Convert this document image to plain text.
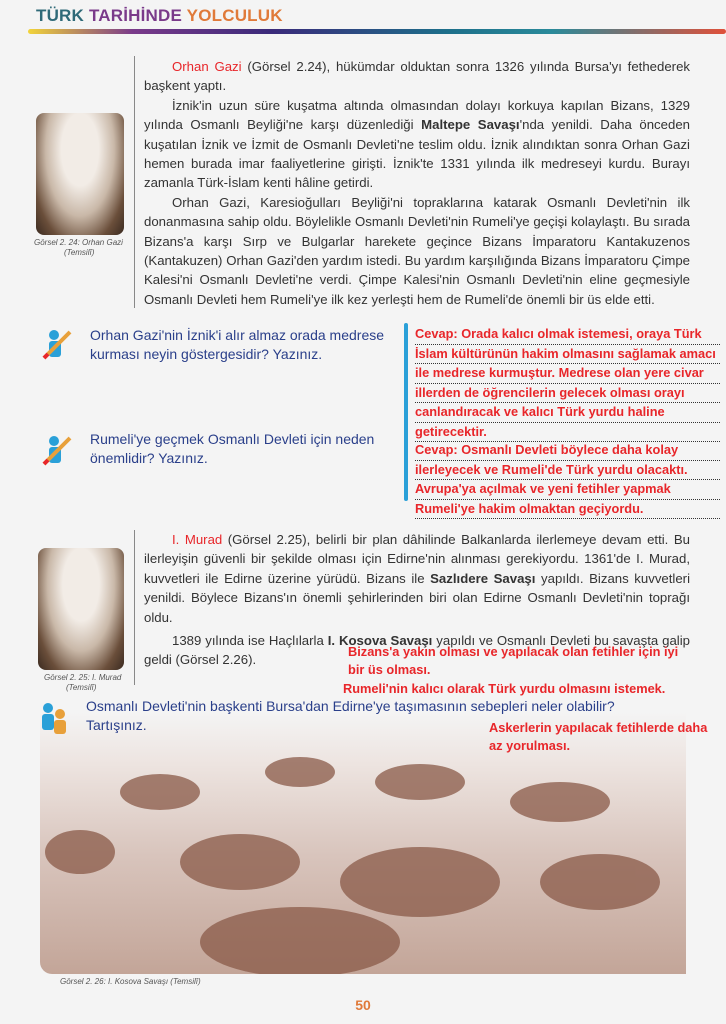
TÜRK TARİHİNDE YOLCULUK
Görsel 2. 24: Orhan Gazi
(Temsilî)

Orhan Gazi (Görsel 2.24), hükümdar olduktan sonra 1326 yılında Bursa'yı fethederek başkent yaptı.

İznik'in uzun süre kuşatma altında olmasından dolayı korkuya kapılan Bizans, 1329 yılında Osmanlı Beyliği'ne karşı düzenlediği Maltepe Savaşı'nda yenildi. Daha önceden kuşatılan İznik ve İzmit de Osmanlı Devleti'ne teslim oldu. İznik alındıktan sonra Orhan Gazi hemen burada imar faaliyetlerine girişti. İznik'te 1331 yılında ilk medreseyi kurdu. Burayı zamanla Türk-İslam kenti hâline getirdi.

Orhan Gazi, Karesioğulları Beyliği'ni topraklarına katarak Osmanlı Devleti'nin ilk donanmasına sahip oldu. Böylelikle Osmanlı Devleti'nin Rumeli'ye geçişi kolaylaştı. Bu sırada Bizans'a karşı Sırp ve Bulgarlar harekete geçince Bizans İmparatoru Kantakuzenos (Kantakuzen) Orhan Gazi'den yardım istedi. Bu yardım karşılığında Bizans İmparatoru Çimpe Kalesi'ni Osmanlı Devleti'ne verdi. Çimpe Kalesi'nin Osmanlı Devleti'nin eline geçmesiyle Osmanlı Devleti hem Rumeli'ye ilk kez yerleşti hem de Rumeli'de önemli bir üs elde etti.

Orhan Gazi'nin İznik'i alır almaz orada medrese kurması neyin göstergesidir? Yazınız.
Rumeli'ye geçmek Osmanlı Devleti için neden önemlidir? Yazınız.
Cevap: Orada kalıcı olmak istemesi, oraya Türk
İslam kültürünün hakim olmasını sağlamak amacı
ile medrese kurmuştur. Medrese olan yere civar
illerden de öğrencilerin gelecek olması orayı
canlandıracak ve kalıcı Türk yurdu haline
getirecektir.
Cevap: Osmanlı Devleti böylece daha kolay
ilerleyecek ve Rumeli'de Türk yurdu olacaktı.
Avrupa'ya açılmak ve yeni fetihler yapmak
Rumeli'ye hakim olmaktan geçiyordu.
Görsel 2. 25: I. Murad
(Temsilî)

I. Murad (Görsel 2.25), belirli bir plan dâhilinde Balkanlarda ilerlemeye devam etti. Bu ilerleyişin güvenli bir şekilde olması için Edirne'nin alınması gerekiyordu. 1361'de I. Murad, kuvvetleri ile Edirne üzerine yürüdü. Bizans ile Sazlıdere Savaşı yapıldı. Bizans kuvvetleri yenildi. Böylece Bizans'ın önemli şehirlerinden biri olan Edirne Osmanlı Devleti'nin toprağı oldu.

1389 yılında ise Haçlılarla I. Kosova Savaşı yapıldı ve Osmanlı Devleti bu savaşta galip geldi (Görsel 2.26).

Osmanlı Devleti'nin başkenti Bursa'dan Edirne'ye taşımasının sebepleri neler olabilir?
Tartışınız.
Bizans'a yakın olması ve yapılacak olan fetihler için iyi
bir üs olması.
Rumeli'nin kalıcı olarak Türk yurdu olmasını istemek.
Askerlerin yapılacak fetihlerde daha
az yorulması.
Görsel 2. 26: I. Kosova Savaşı (Temsilî)
50
